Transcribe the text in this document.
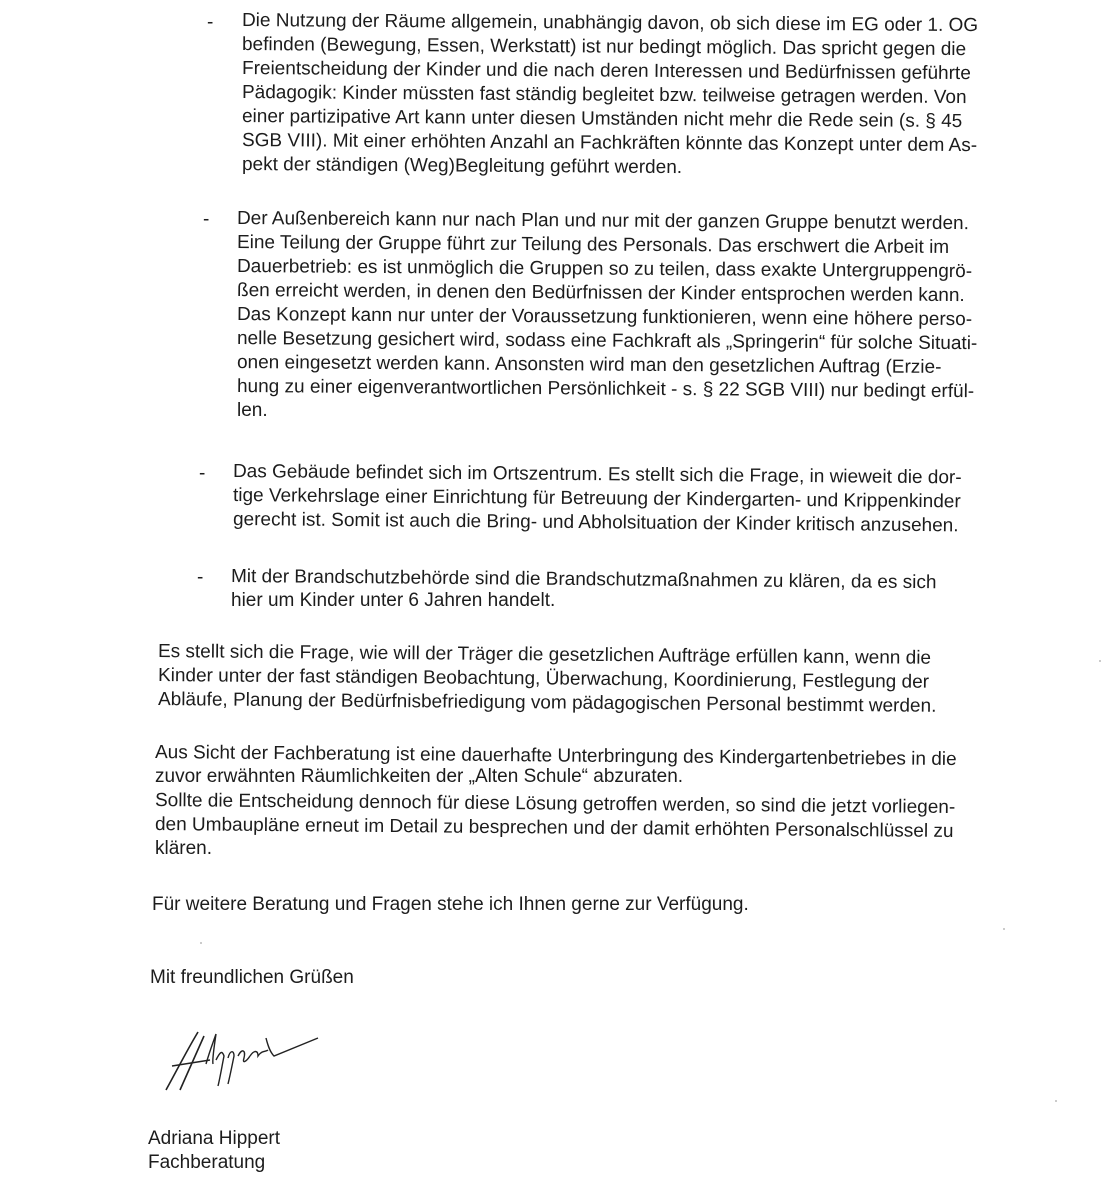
- Die Nutzung der Räume allgemein, unabhängig davon, ob sich diese im EG oder 1. OG
befinden (Bewegung, Essen, Werkstatt) ist nur bedingt möglich. Das spricht gegen die
Freientscheidung der Kinder und die nach deren Interessen und Bedürfnissen geführte
Pädagogik: Kinder müssten fast ständig begleitet bzw. teilweise getragen werden. Von
einer partizipative Art kann unter diesen Umständen nicht mehr die Rede sein (s. § 45
SGB VIII). Mit einer erhöhten Anzahl an Fachkräften könnte das Konzept unter dem As-
pekt der ständigen (Weg)Begleitung geführt werden.
- Der Außenbereich kann nur nach Plan und nur mit der ganzen Gruppe benutzt werden.
Eine Teilung der Gruppe führt zur Teilung des Personals. Das erschwert die Arbeit im
Dauerbetrieb: es ist unmöglich die Gruppen so zu teilen, dass exakte Untergruppengrö-
ßen erreicht werden, in denen den Bedürfnissen der Kinder entsprochen werden kann.
Das Konzept kann nur unter der Voraussetzung funktionieren, wenn eine höhere perso-
nelle Besetzung gesichert wird, sodass eine Fachkraft als „Springerin“ für solche Situati-
onen eingesetzt werden kann. Ansonsten wird man den gesetzlichen Auftrag (Erzie-
hung zu einer eigenverantwortlichen Persönlichkeit - s. § 22 SGB VIII) nur bedingt erfül-
len.
- Das Gebäude befindet sich im Ortszentrum. Es stellt sich die Frage, in wieweit die dor-
tige Verkehrslage einer Einrichtung für Betreuung der Kindergarten- und Krippenkinder
gerecht ist. Somit ist auch die Bring- und Abholsituation der Kinder kritisch anzusehen.
- Mit der Brandschutzbehörde sind die Brandschutzmaßnahmen zu klären, da es sich
hier um Kinder unter 6 Jahren handelt.
Es stellt sich die Frage, wie will der Träger die gesetzlichen Aufträge erfüllen kann, wenn die
Kinder unter der fast ständigen Beobachtung, Überwachung, Koordinierung, Festlegung der
Abläufe, Planung der Bedürfnisbefriedigung vom pädagogischen Personal bestimmt werden.
Aus Sicht der Fachberatung ist eine dauerhafte Unterbringung des Kindergartenbetriebes in die
zuvor erwähnten Räumlichkeiten der „Alten Schule“ abzuraten.
Sollte die Entscheidung dennoch für diese Lösung getroffen werden, so sind die jetzt vorliegen-
den Umbaupläne erneut im Detail zu besprechen und der damit erhöhten Personalschlüssel zu
klären.
Für weitere Beratung und Fragen stehe ich Ihnen gerne zur Verfügung.
Mit freundlichen Grüßen
Adriana Hippert
Fachberatung
